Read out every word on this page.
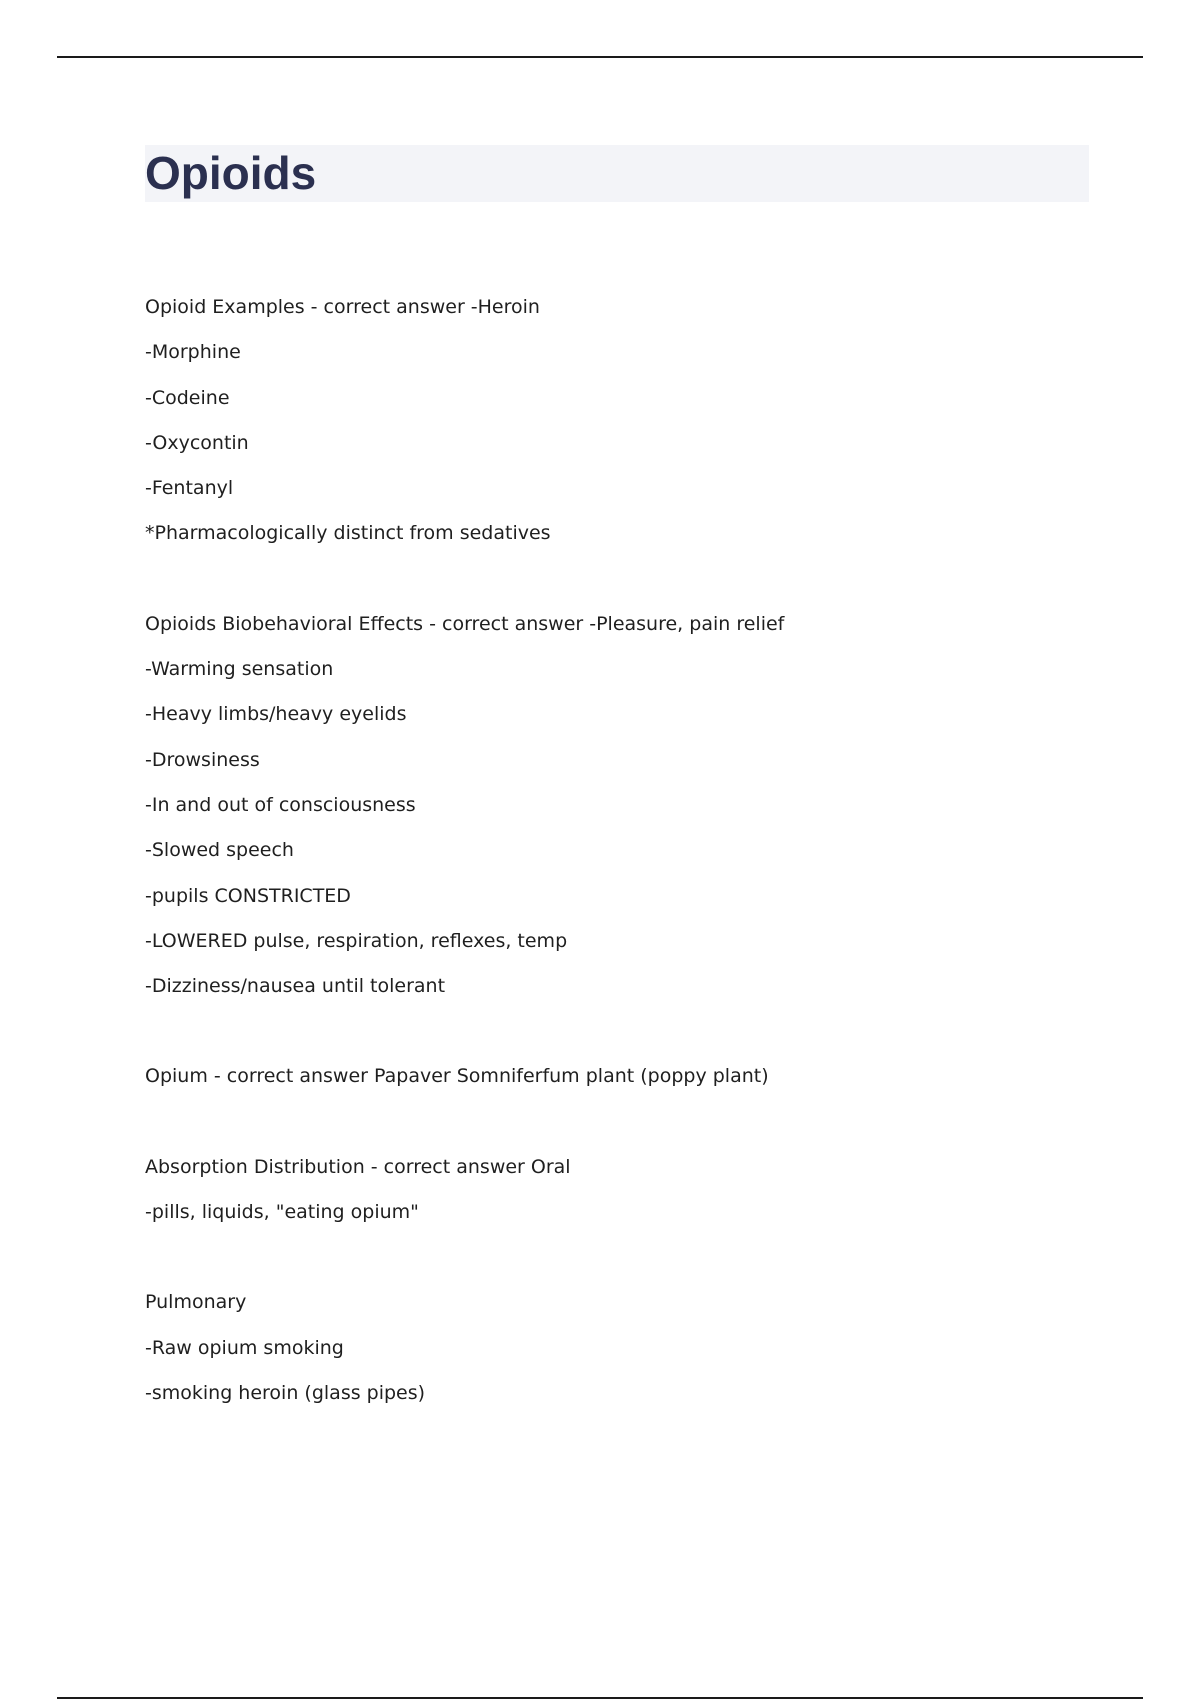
Opioids
Opioid Examples - correct answer -Heroin
-Morphine
-Codeine
-Oxycontin
-Fentanyl
*Pharmacologically distinct from sedatives
Opioids Biobehavioral Effects - correct answer -Pleasure, pain relief
-Warming sensation
-Heavy limbs/heavy eyelids
-Drowsiness
-In and out of consciousness
-Slowed speech
-pupils CONSTRICTED
-LOWERED pulse, respiration, reflexes, temp
-Dizziness/nausea until tolerant
Opium - correct answer Papaver Somniferfum plant (poppy plant)
Absorption Distribution - correct answer Oral
-pills, liquids, "eating opium"
Pulmonary
-Raw opium smoking
-smoking heroin (glass pipes)
